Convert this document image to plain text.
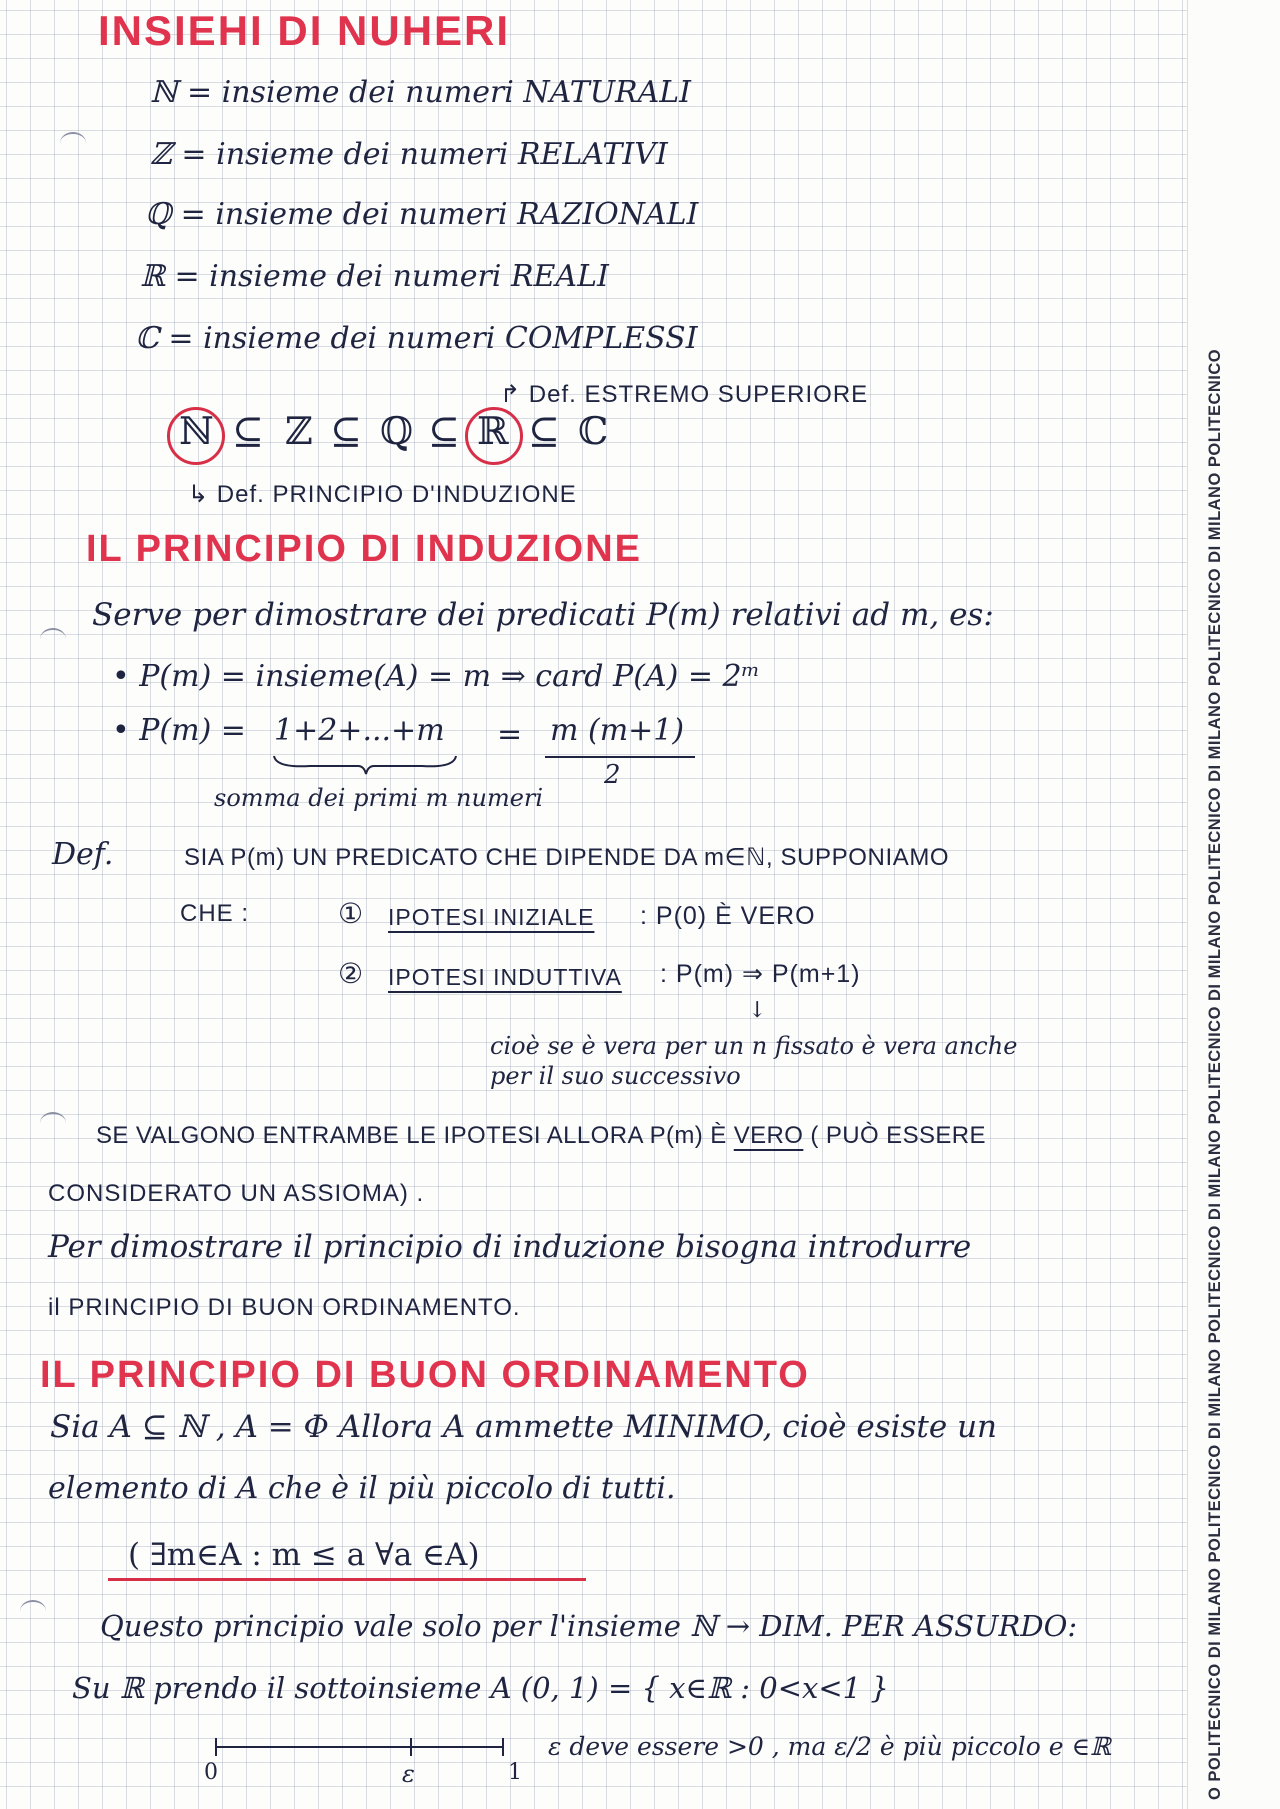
O POLITECNICO DI MILANO POLITECNICO DI MILANO POLITECNICO DI MILANO POLITECNICO DI MILANO POLITECNICO DI MILANO POLITECNICO DI MILANO POLITECNICO
INSIEHI DI NUHERI
ℕ = insieme dei numeri NATURALI
ℤ = insieme dei numeri RELATIVI
ℚ = insieme dei numeri RAZIONALI
ℝ = insieme dei numeri REALI
ℂ = insieme dei numeri COMPLESSI
↱ Def. ESTREMO SUPERIORE
ℕ ⊆ ℤ ⊆ ℚ ⊆ ℝ ⊆ ℂ
↳ Def. PRINCIPIO D'INDUZIONE
IL PRINCIPIO DI INDUZIONE
Serve per dimostrare dei predicati P(m) relativi ad m, es:
• P(m) = insieme(A) = m ⇒ card P(A) = 2ᵐ
• P(m) = 1+2+...+m = m (m+1)
2
somma dei primi m numeri
Def.	SIA P(m) UN PREDICATO CHE DIPENDE DA m∈ℕ, SUPPONIAMO
CHE :	① IPOTESI INIZIALE : P(0) È VERO
② IPOTESI INDUTTIVA : P(m) ⇒ P(m+1)
↓
cioè se è vera per un n fissato è vera anche
per il suo successivo
SE VALGONO ENTRAMBE LE IPOTESI ALLORA P(m) È VERO ( PUÒ ESSERE
CONSIDERATO UN ASSIOMA) .
Per dimostrare il principio di induzione bisogna introdurre
il PRINCIPIO DI BUON ORDINAMENTO.
IL PRINCIPIO DI BUON ORDINAMENTO
Sia A ⊆ ℕ , A = Φ Allora A ammette MINIMO, cioè esiste un
elemento di A che è il più piccolo di tutti.
( ∃m∈A : m ≤ a ∀a ∈A)
Questo principio vale solo per l'insieme ℕ → DIM. PER ASSURDO:
Su ℝ prendo il sottoinsieme A (0, 1) = { x∈ℝ : 0<x<1 }
0	ε	1
ε deve essere >0 , ma ε/2 è più piccolo e ∈ℝ
